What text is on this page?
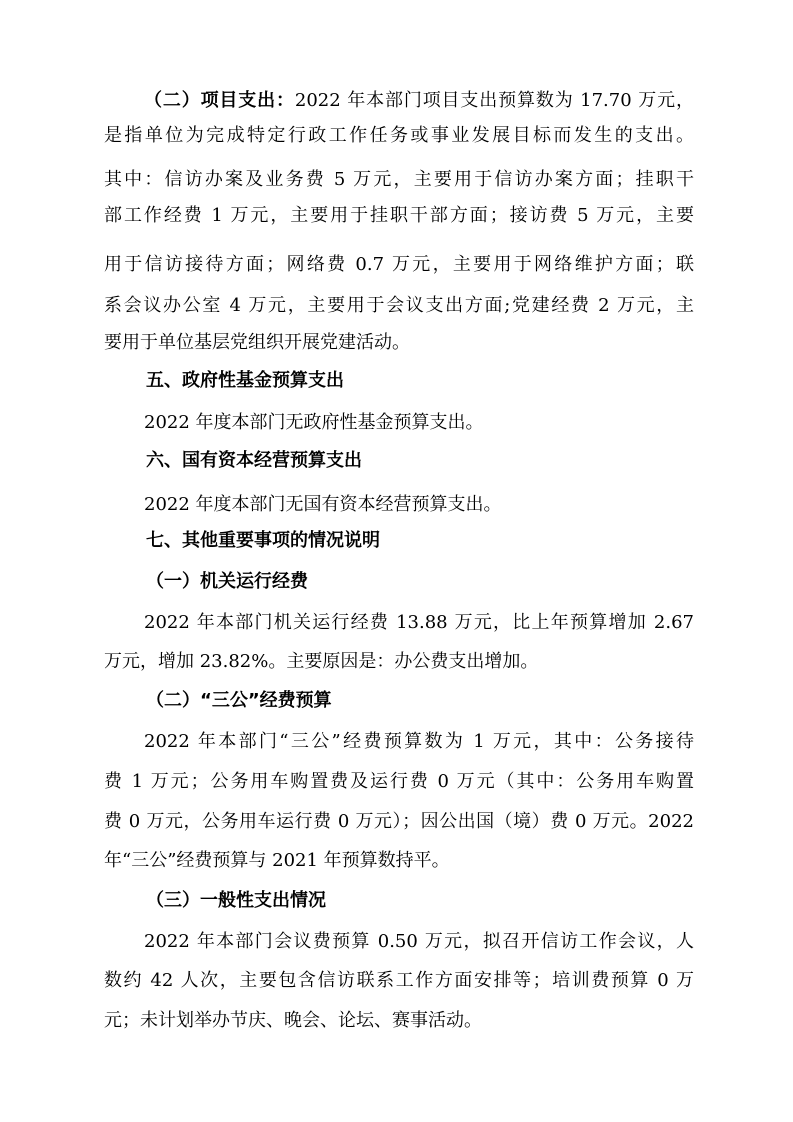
（二）项目支出：2022 年本部门项目支出预算数为 17.70 万元，
是指单位为完成特定行政工作任务或事业发展目标而发生的支出。
其中：信访办案及业务费 5 万元，主要用于信访办案方面；挂职干
部工作经费 1 万元，主要用于挂职干部方面；接访费 5 万元，主要
用于信访接待方面；网络费 0.7 万元，主要用于网络维护方面；联
系会议办公室 4 万元，主要用于会议支出方面;党建经费 2 万元，主
要用于单位基层党组织开展党建活动。
五、政府性基金预算支出
2022 年度本部门无政府性基金预算支出。
六、国有资本经营预算支出
2022 年度本部门无国有资本经营预算支出。
七、其他重要事项的情况说明
（一）机关运行经费
2022 年本部门机关运行经费 13.88 万元，比上年预算增加 2.67
万元，增加 23.82%。主要原因是：办公费支出增加。
（二）“三公”经费预算
2022 年本部门“三公”经费预算数为 1 万元，其中：公务接待
费 1 万元；公务用车购置费及运行费 0 万元（其中：公务用车购置
费 0 万元，公务用车运行费 0 万元）；因公出国（境）费 0 万元。2022
年“三公”经费预算与 2021 年预算数持平。
（三）一般性支出情况
2022 年本部门会议费预算 0.50 万元，拟召开信访工作会议，人
数约 42 人次，主要包含信访联系工作方面安排等；培训费预算 0 万
元；未计划举办节庆、晚会、论坛、赛事活动。
